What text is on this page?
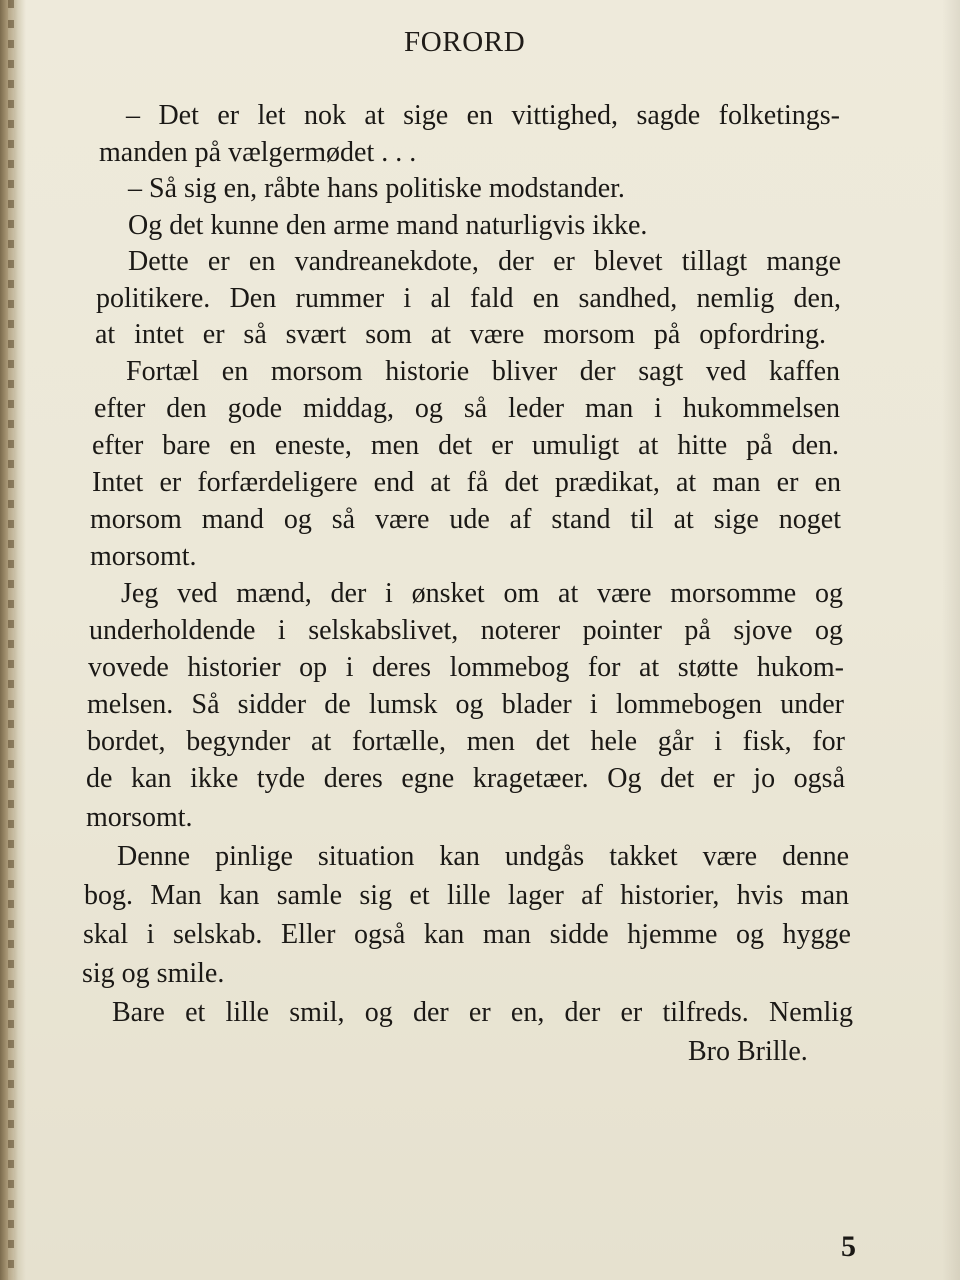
FORORD

– Det er let nok at sige en vittighed, sagde folketings-

manden på vælgermødet . . .

– Så sig en, råbte hans politiske modstander.

Og det kunne den arme mand naturligvis ikke.

Dette er en vandreanekdote, der er blevet tillagt mange

politikere. Den rummer i al fald en sandhed, nemlig den,

at intet er så svært som at være morsom på opfordring.

Fortæl en morsom historie bliver der sagt ved kaffen

efter den gode middag, og så leder man i hukommelsen

efter bare en eneste, men det er umuligt at hitte på den.

Intet er forfærdeligere end at få det prædikat, at man er en

morsom mand og så være ude af stand til at sige noget

morsomt.

Jeg ved mænd, der i ønsket om at være morsomme og

underholdende i selskabslivet, noterer pointer på sjove og

vovede historier op i deres lommebog for at støtte hukom-

melsen. Så sidder de lumsk og blader i lommebogen under

bordet, begynder at fortælle, men det hele går i fisk, for

de kan ikke tyde deres egne kragetæer. Og det er jo også

morsomt.

Denne pinlige situation kan undgås takket være denne

bog. Man kan samle sig et lille lager af historier, hvis man

skal i selskab. Eller også kan man sidde hjemme og hygge

sig og smile.

Bare et lille smil, og der er en, der er tilfreds. Nemlig

Bro Brille.

5
